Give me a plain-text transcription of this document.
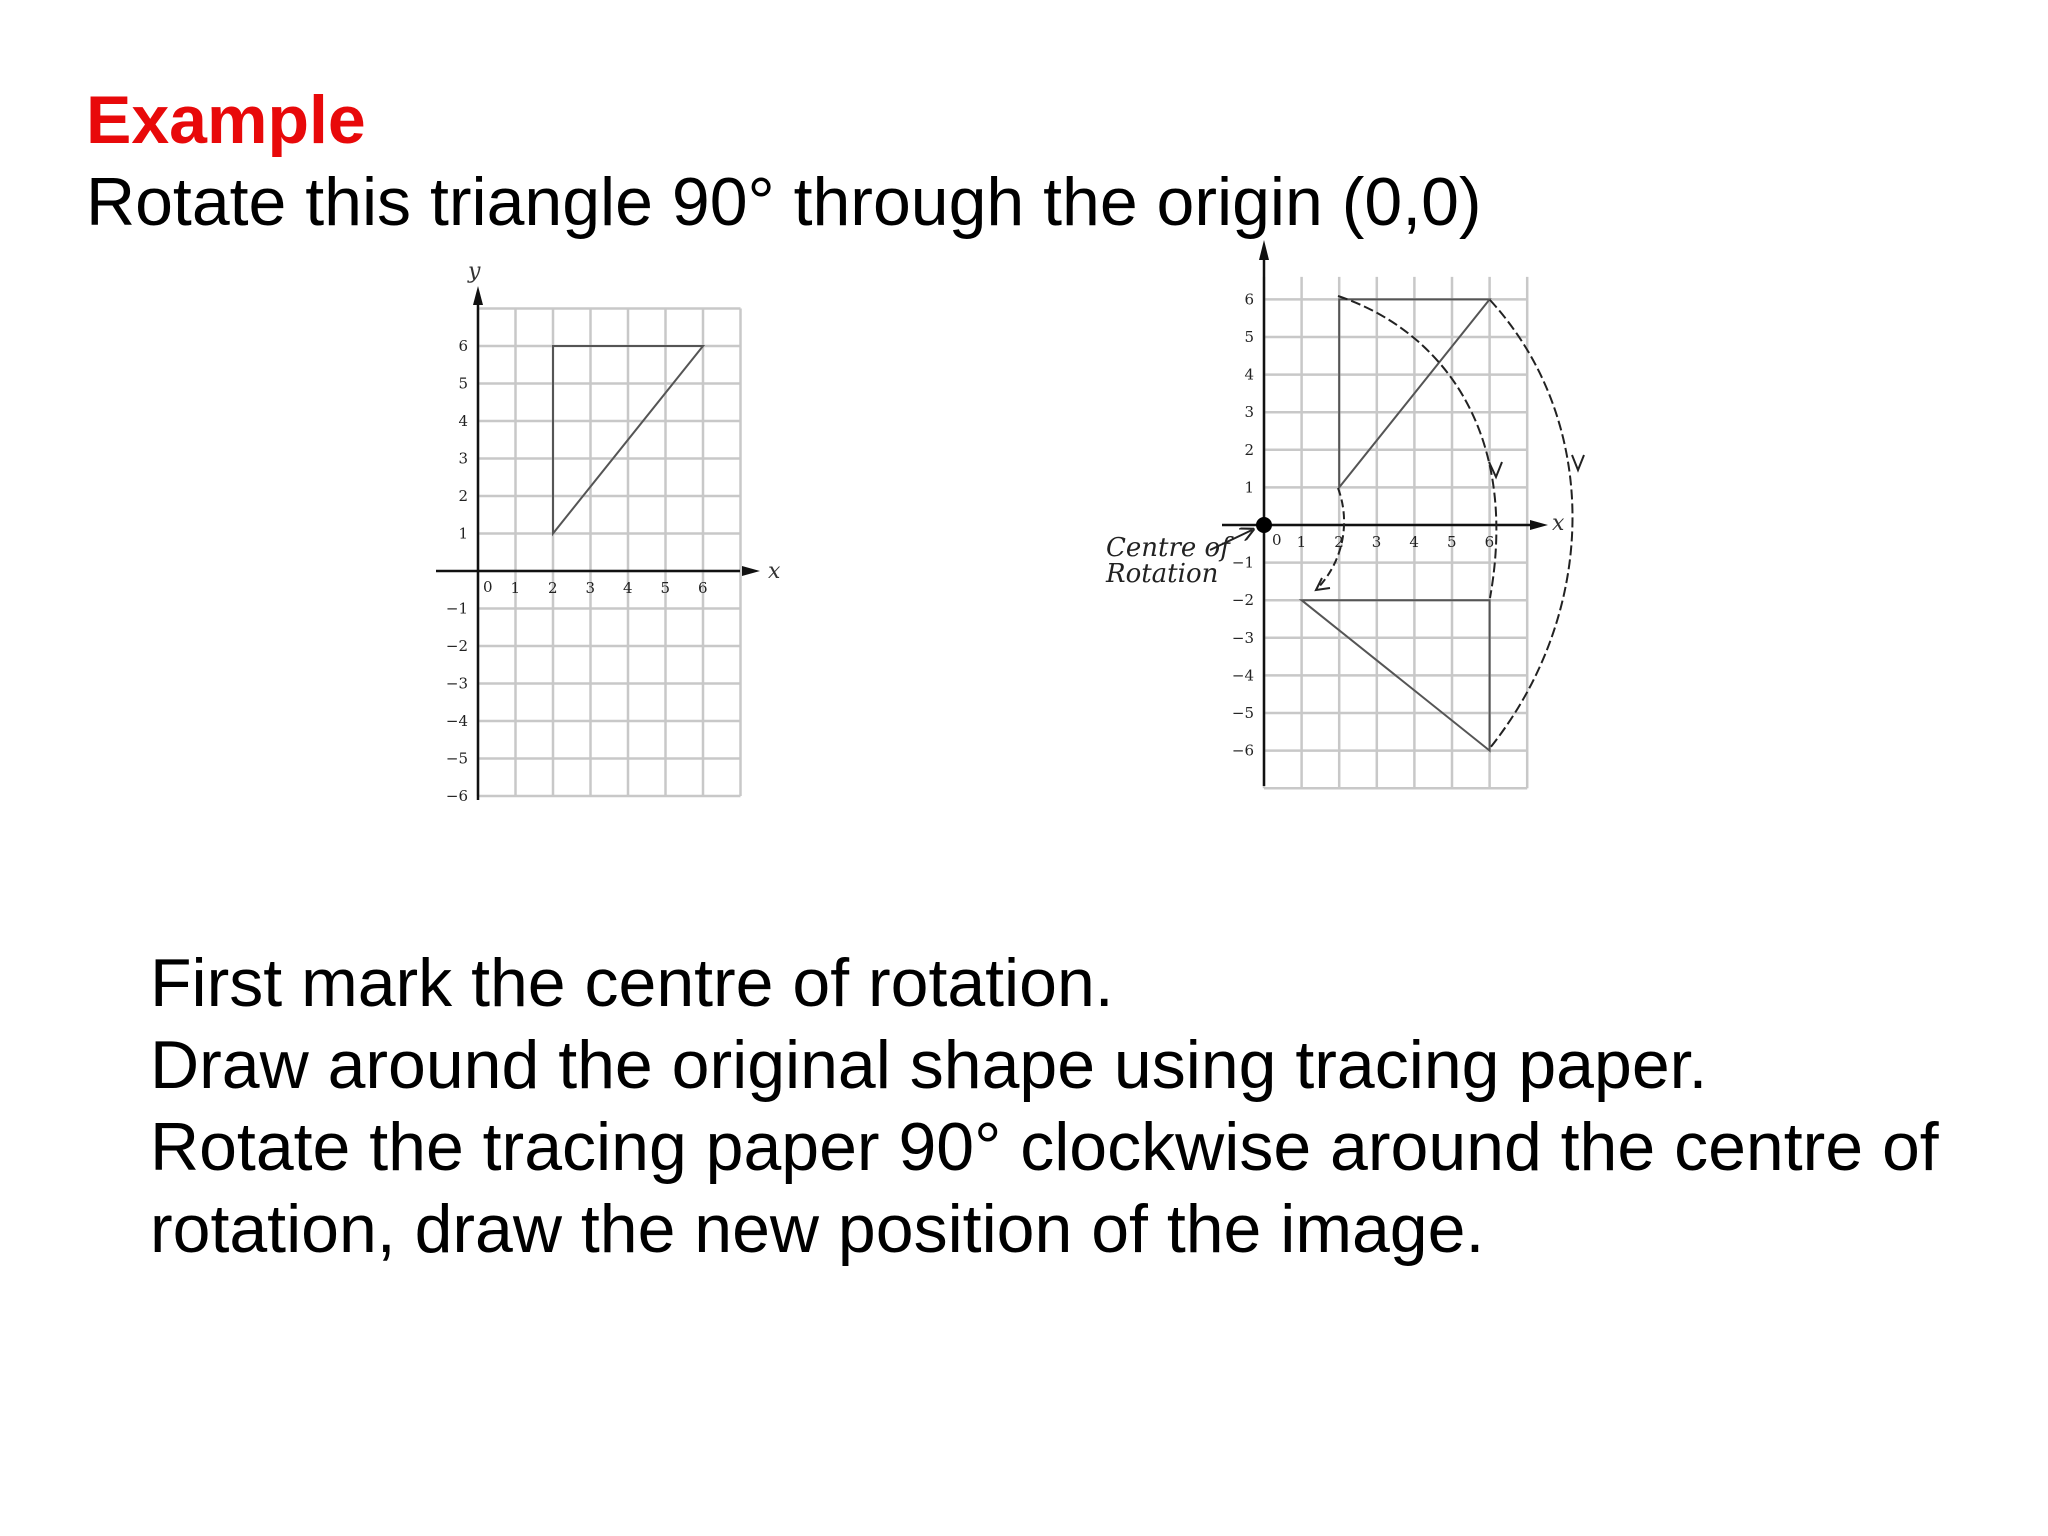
Example
Rotate this triangle 90° through the origin (0,0)
x
y
0 1 2 3 4 5 6
6
5
4
3
2
1
−1
−2
−3
−4
−5
−6
x
0 1 2 3 4 5 6
6
5
4
3
2
1
−1
−2
−3
−4
−5
−6
Centre of
Rotation
First mark the centre of rotation.
Draw around the original shape using tracing paper.
Rotate the tracing paper 90° clockwise around the centre of
rotation, draw the new position of the image.
